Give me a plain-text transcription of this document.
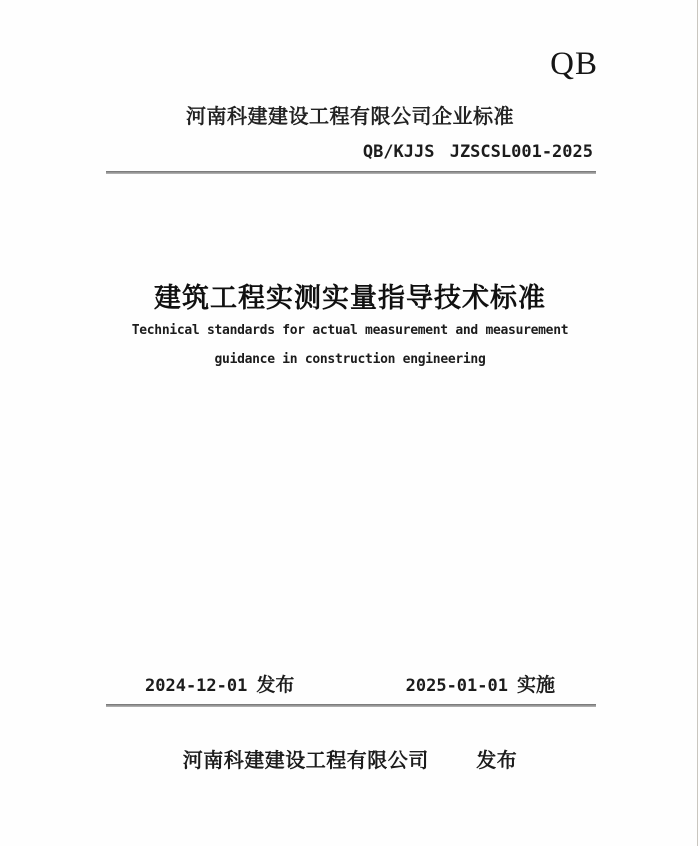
QB
河南科建建设工程有限公司企业标准
QB/KJJS JZSCSL001-2025
建筑工程实测实量指导技术标准
Technical standards for actual measurement and measurement
guidance in construction engineering
2024-12-01 发布	2025-01-01 实施
河南科建建设工程有限公司 发布
